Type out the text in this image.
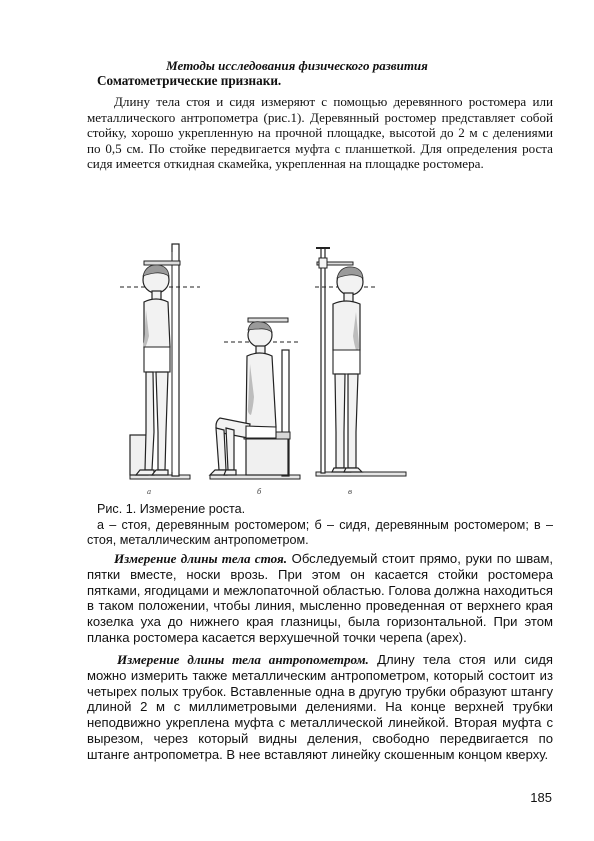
Методы исследования физического развития

Соматометрические признаки.

Длину тела стоя и сидя измеряют с помощью деревянного ростомера или металлического антропометра (рис.1). Деревянный ростомер представляет собой стойку, хорошо укрепленную на прочной площадке, высотой до 2 м с делениями по 0,5 см. По стойке передвигается муфта с планшеткой. Для определения роста сидя имеется откидная скамейка, укрепленная на площадке ростомера.

а	б	в

Рис. 1. Измерение роста.

а – стоя, деревянным ростомером; б – сидя, деревянным ростомером; в – стоя, металлическим антропометром.

Измерение длины тела стоя. Обследуемый стоит прямо, руки по швам, пятки вместе, носки врозь. При этом он касается стойки ростомера пятками, ягодицами и межлопаточной областью. Голова должна находиться в таком положении, чтобы линия, мысленно проведенная от верхнего края козелка уха до нижнего края глазницы, была горизонтальной. При этом планка ростомера касается верхушечной точки черепа (apex).

Измерение длины тела антропометром. Длину тела стоя или сидя можно измерить также металлическим антропометром, который состоит из четырех полых трубок. Вставленные одна в другую трубки образуют штангу длиной 2 м с миллиметровыми делениями. На конце верхней трубки неподвижно укреплена муфта с металлической линейкой. Вторая муфта с вырезом, через который видны деления, свободно передвигается по штанге антропометра. В нее вставляют линейку скошенным концом кверху.

185
